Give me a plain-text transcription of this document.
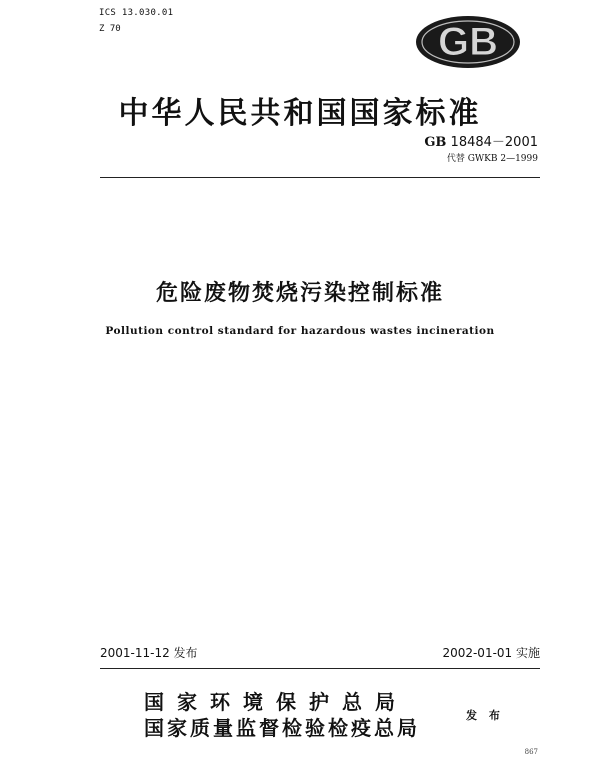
ICS 13.030.01
Z 70	GB
中华人民共和国国家标准
GB 18484－2001
代替 GWKB 2—1999
危险废物焚烧污染控制标准
Pollution control standard for hazardous wastes incineration
2001-11-12 发布	2002-01-01 实施
国家环境保护总局
国家质量监督检验检疫总局
发 布
867
